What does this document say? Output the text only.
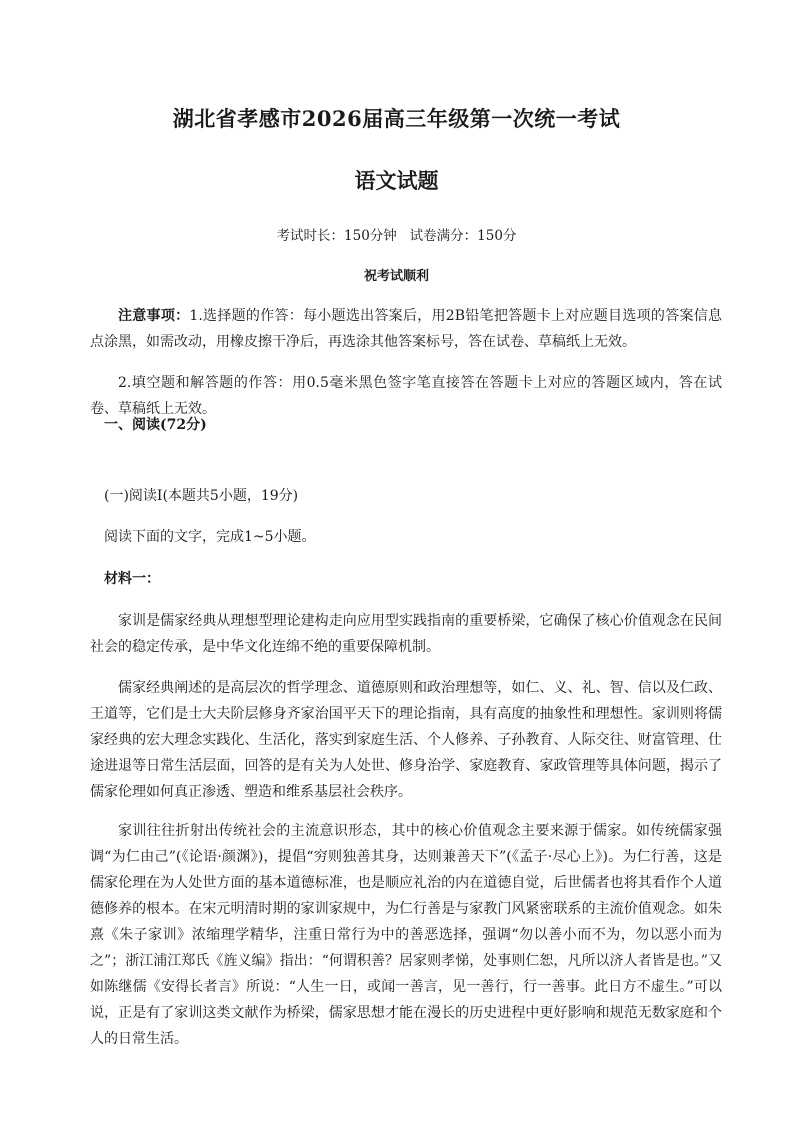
湖北省孝感市2026届高三年级第一次统一考试
语文试题
考试时长：150分钟   试卷满分：150分
祝考试顺利
注意事项：1.选择题的作答：每小题选出答案后，用2B铅笔把答题卡上对应题目选项的答案信息点涂黑，如需改动，用橡皮擦干净后，再选涂其他答案标号，答在试卷、草稿纸上无效。
2.填空题和解答题的作答：用0.5毫米黑色签字笔直接答在答题卡上对应的答题区域内，答在试卷、草稿纸上无效。
一、阅读(72分)
(一)阅读Ⅰ(本题共5小题，19分)
阅读下面的文字，完成1~5小题。
材料一：
家训是儒家经典从理想型理论建构走向应用型实践指南的重要桥梁，它确保了核心价值观念在民间社会的稳定传承，是中华文化连绵不绝的重要保障机制。
儒家经典阐述的是高层次的哲学理念、道德原则和政治理想等，如仁、义、礼、智、信以及仁政、王道等，它们是士大夫阶层修身齐家治国平天下的理论指南，具有高度的抽象性和理想性。家训则将儒家经典的宏大理念实践化、生活化，落实到家庭生活、个人修养、子孙教育、人际交往、财富管理、仕途进退等日常生活层面，回答的是有关为人处世、修身治学、家庭教育、家政管理等具体问题，揭示了儒家伦理如何真正渗透、塑造和维系基层社会秩序。
家训往往折射出传统社会的主流意识形态，其中的核心价值观念主要来源于儒家。如传统儒家强调“为仁由己”(《论语·颜渊》)，提倡“穷则独善其身，达则兼善天下”(《孟子·尽心上》)。为仁行善，这是儒家伦理在为人处世方面的基本道德标准，也是顺应礼治的内在道德自觉，后世儒者也将其看作个人道德修养的根本。在宋元明清时期的家训家规中，为仁行善是与家教门风紧密联系的主流价值观念。如朱熹《朱子家训》浓缩理学精华，注重日常行为中的善恶选择，强调“勿以善小而不为，勿以恶小而为之”；浙江浦江郑氏《旌义编》指出：“何谓积善？居家则孝悌，处事则仁恕，凡所以济人者皆是也。”又如陈继儒《安得长者言》所说：“人生一日，或闻一善言，见一善行，行一善事。此日方不虚生。”可以说，正是有了家训这类文献作为桥梁，儒家思想才能在漫长的历史进程中更好影响和规范无数家庭和个人的日常生活。
